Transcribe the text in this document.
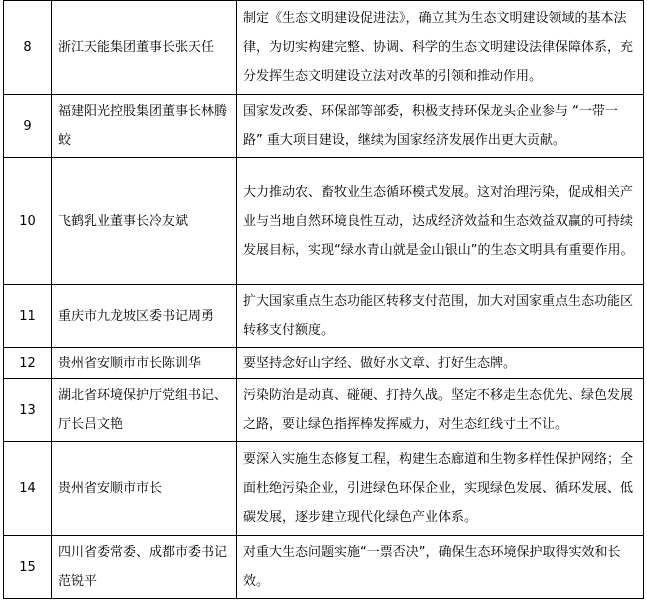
8	浙江天能集团董事长张天任	制定《生态文明建设促进法》，确立其为生态文明建设领域的基本法律，为切实构建完整、协调、科学的生态文明建设法律保障体系，充分发挥生态文明建设立法对改革的引领和推动作用。
9	福建阳光控股集团董事长林腾蛟	国家发改委、环保部等部委，积极支持环保龙头企业参与 “一带一路” 重大项目建设，继续为国家经济发展作出更大贡献。
10	飞鹤乳业董事长冷友斌	大力推动农、畜牧业生态循环模式发展。这对治理污染，促成相关产业与当地自然环境良性互动，达成经济效益和生态效益双赢的可持续发展目标，实现“绿水青山就是金山银山”的生态文明具有重要作用。
11	重庆市九龙坡区委书记周勇	扩大国家重点生态功能区转移支付范围，加大对国家重点生态功能区转移支付额度。
12	贵州省安顺市市长陈训华	要坚持念好山字经、做好水文章、打好生态牌。
13	湖北省环境保护厅党组书记、厅长吕文艳	污染防治是动真、碰硬、打持久战。坚定不移走生态优先、绿色发展之路，要让绿色指挥棒发挥威力，对生态红线寸土不让。
14	贵州省安顺市市长	要深入实施生态修复工程，构建生态廊道和生物多样性保护网络；全面杜绝污染企业，引进绿色环保企业，实现绿色发展、循环发展、低碳发展，逐步建立现代化绿色产业体系。
15	四川省委常委、成都市委书记范锐平	对重大生态问题实施“一票否决”，确保生态环境保护取得实效和长效。
